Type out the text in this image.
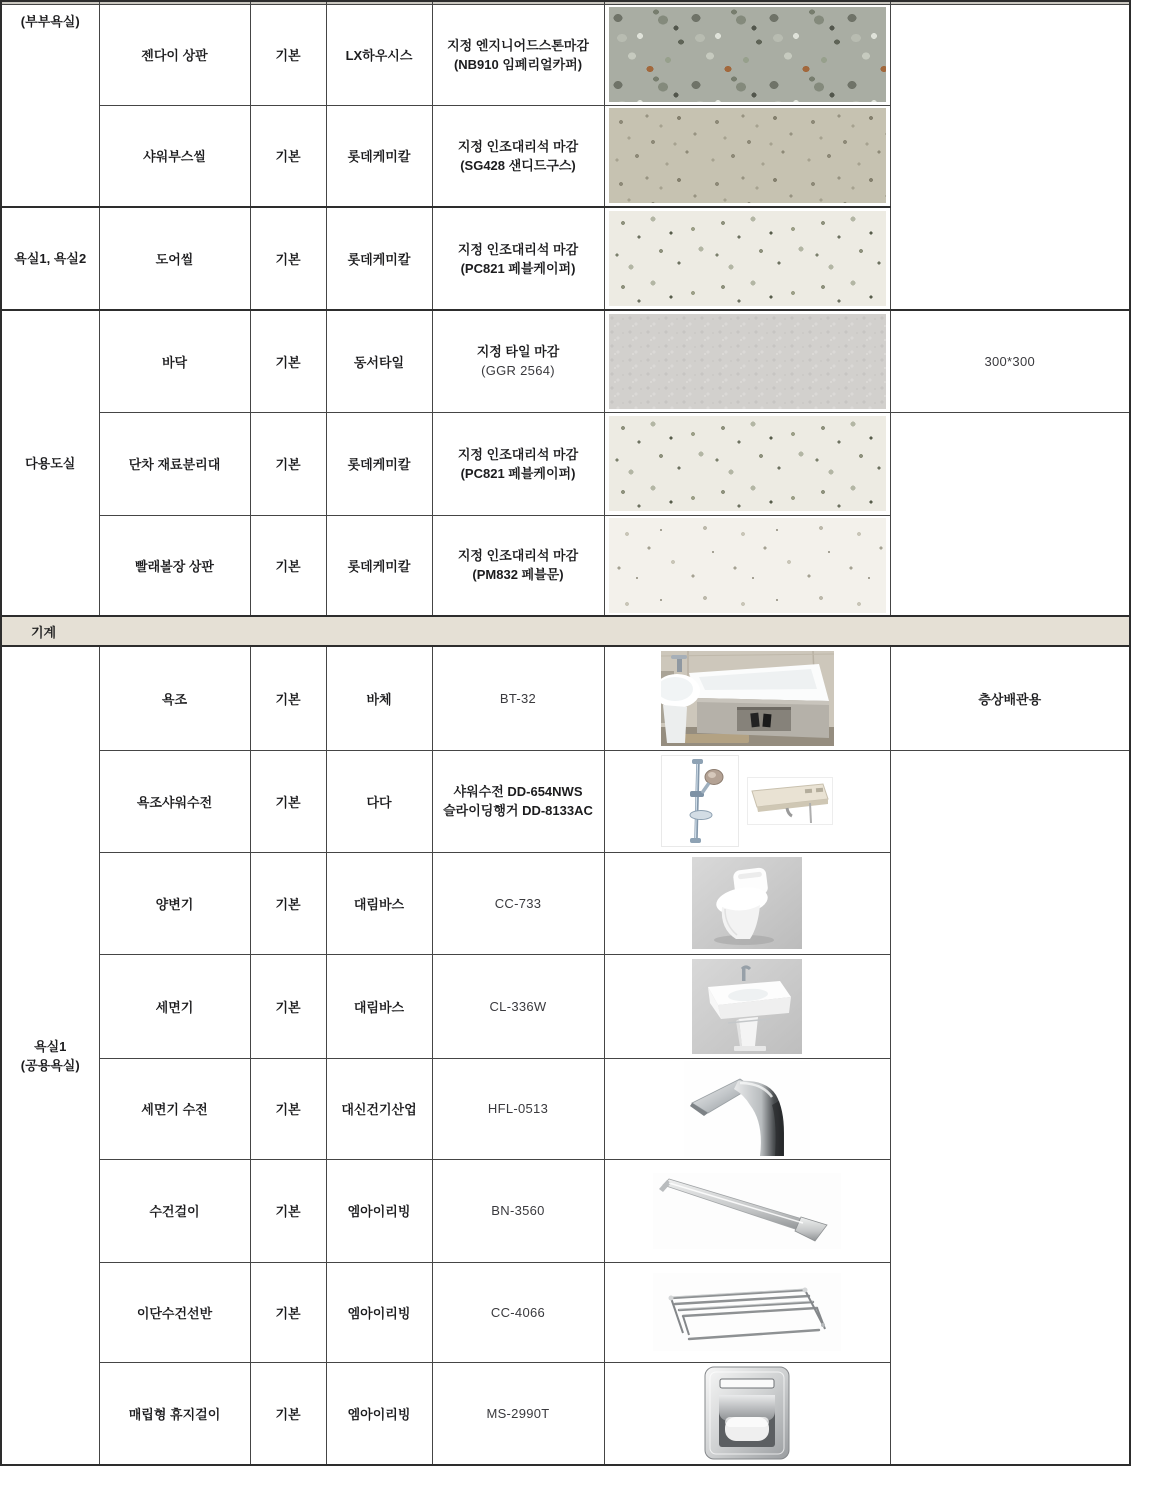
(부부욕실)	젠다이 상판	기본	LX하우시스	지정 엔지니어드스톤마감
(NB910 임페리얼카퍼)		

	샤워부스씰	기본	롯데케미칼	지정 인조대리석 마감
(SG428 샌디드구스)		

욕실1, 욕실2	도어씰	기본	롯데케미칼	지정 인조대리석 마감
(PC821 페블케이퍼)		

다용도실	바닥	기본	동서타일	지정 타일 마감
(GGR 2564)		300*300
	단차 재료분리대	기본	롯데케미칼	지정 인조대리석 마감
(PC821 페블케이퍼)		

	빨래볼장 상판	기본	롯데케미칼	지정 인조대리석 마감
(PM832 페블문)		

기계						

욕실1
(공용욕실)	욕조	기본	바체	BT-32		층상배관용
	욕조샤워수전	기본	다다	샤워수전 DD-654NWS
슬라이딩행거 DD-8133AC

	양변기	기본	대림바스	CC-733

	세면기	기본	대림바스	CL-336W

	세면기 수전	기본	대신건기산업	HFL-0513

	수건걸이	기본	엠아이리빙	BN-3560

	이단수건선반	기본	엠아이리빙	CC-4066

	매립형 휴지걸이	기본	엠아이리빙	MS-2990T
